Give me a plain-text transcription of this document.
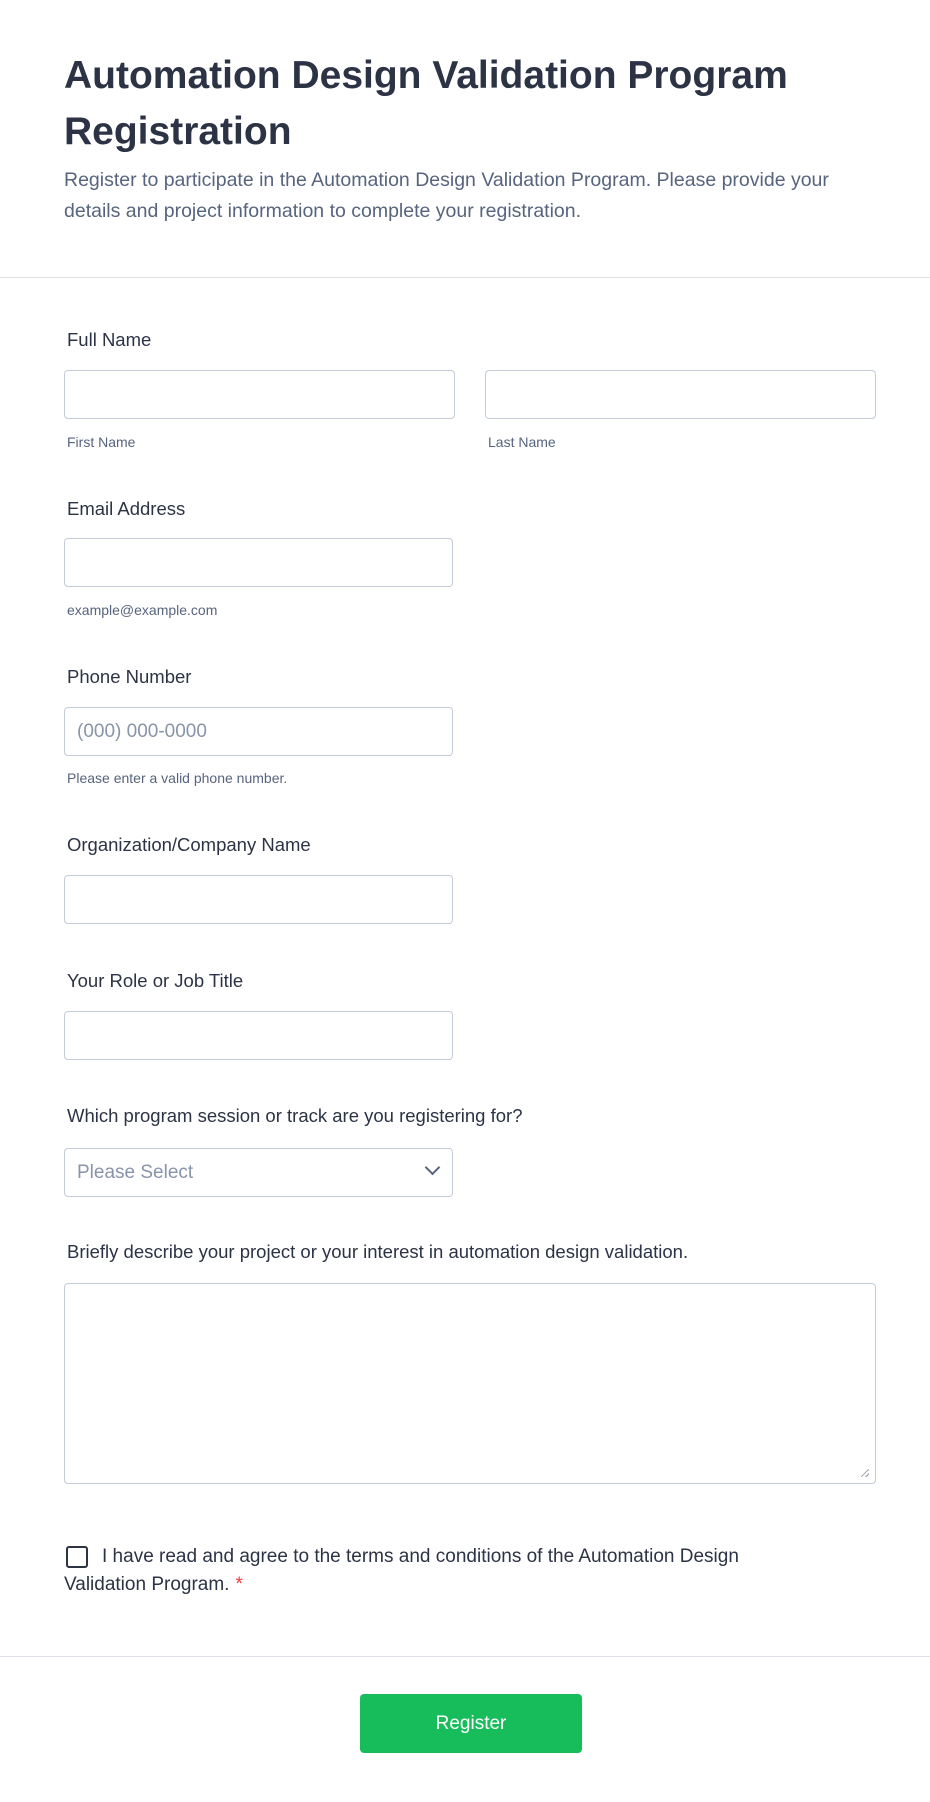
Automation Design Validation Program Registration
Register to participate in the Automation Design Validation Program. Please provide your details and project information to complete your registration.
Full Name
First Name	Last Name
Email Address
example@example.com
Phone Number
(000) 000-0000
Please enter a valid phone number.
Organization/Company Name
Your Role or Job Title
Which program session or track are you registering for?
Please Select
Briefly describe your project or your interest in automation design validation.
I have read and agree to the terms and conditions of the Automation Design Validation Program. *
Register
